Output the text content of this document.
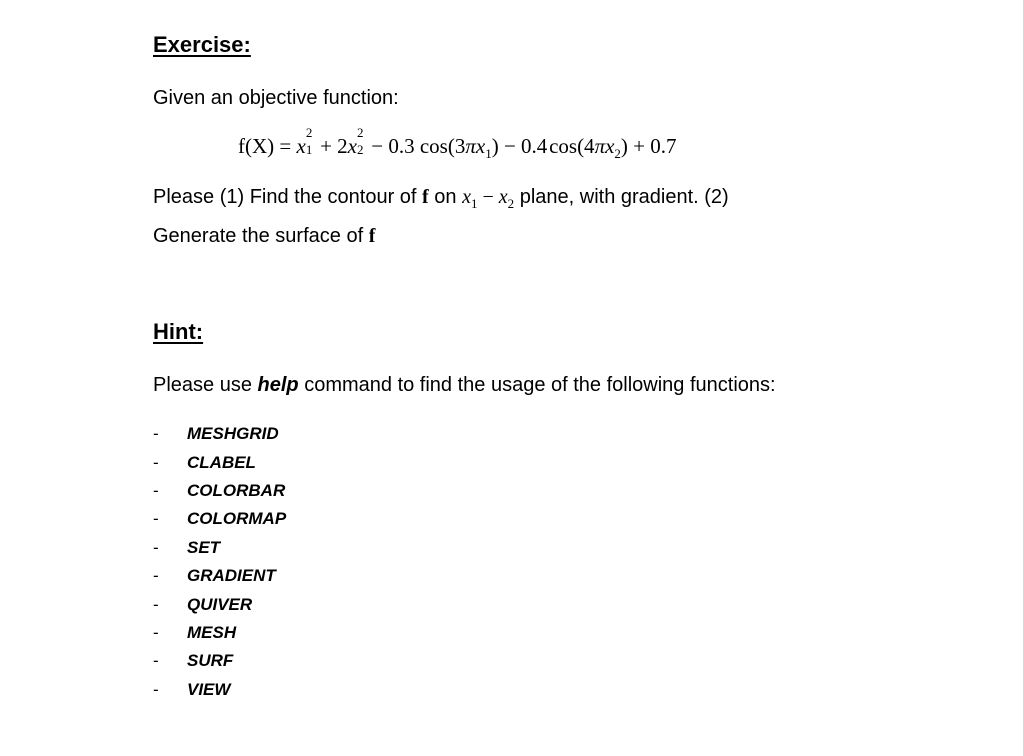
Exercise:
Given an objective function:
f(X) = x
2
1 + 2x
2
2 − 0.3 $\cos(3\pi x_1) - 0.4$ $\cos(4\pi x_2) + 0.7$
Please (1) Find the contour of f on $x_1 - x_2$ plane, with gradient. (2)
Generate the surface of f
Hint:
Please use help command to find the usage of the following functions:
-	MESHGRID
-	CLABEL
-	COLORBAR
-	COLORMAP
-	SET
-	GRADIENT
-	QUIVER
-	MESH
-	SURF
-	VIEW
